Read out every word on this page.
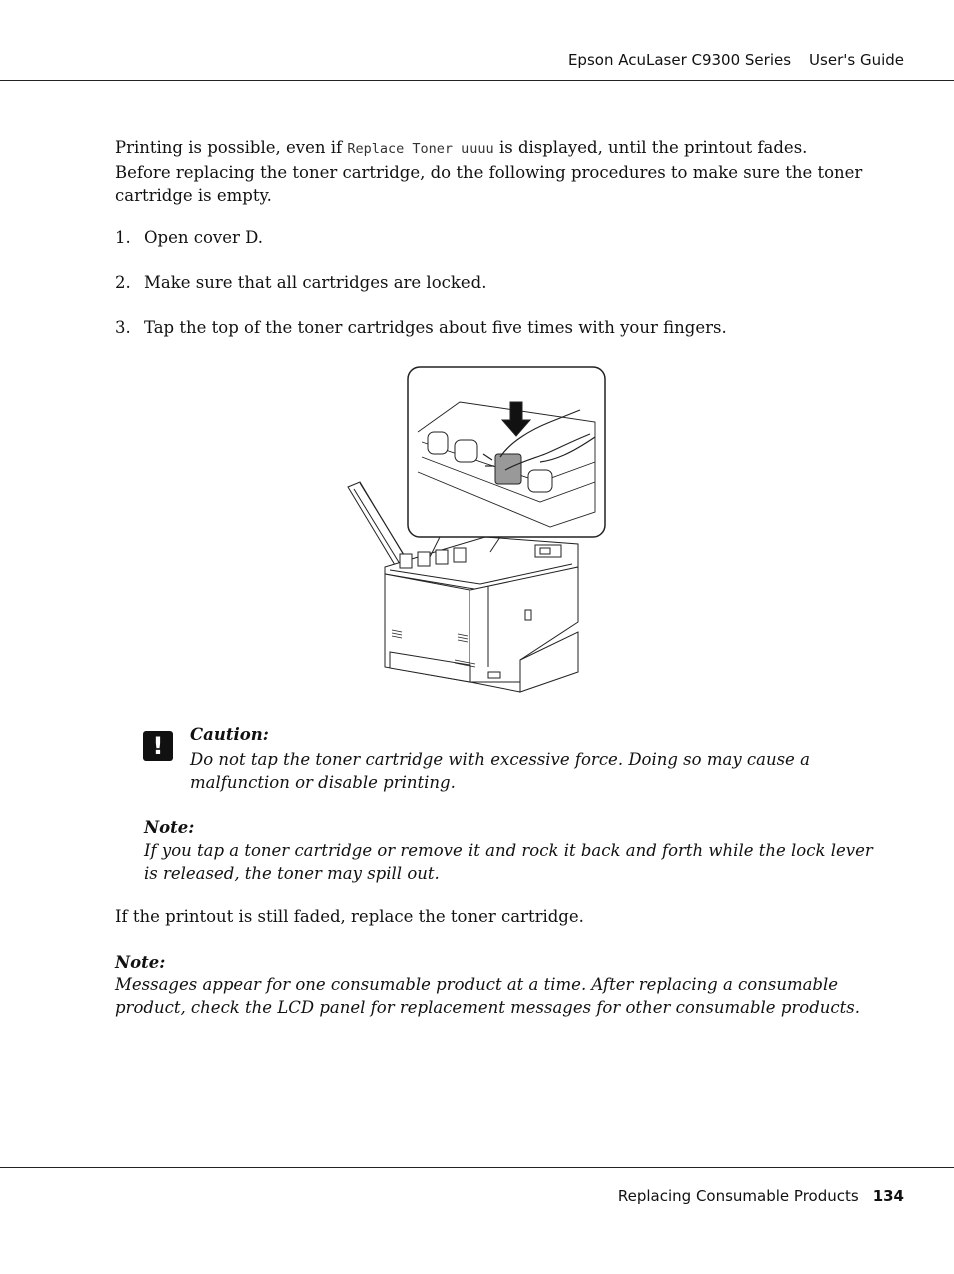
Epson AcuLaser C9300 Series User's Guide

Printing is possible, even if Replace Toner uuuu is displayed, until the printout fades.
Before replacing the toner cartridge, do the following procedures to make sure the toner cartridge is empty.

1. Open cover D.
2. Make sure that all cartridges are locked.
3. Tap the top of the toner cartridges about five times with your fingers.
!	Caution:
Do not tap the toner cartridge with excessive force. Doing so may cause a malfunction or disable printing.
Note:
If you tap a toner cartridge or remove it and rock it back and forth while the lock lever is released, the toner may spill out.
If the printout is still faded, replace the toner cartridge.
Note:
Messages appear for one consumable product at a time. After replacing a consumable product, check the LCD panel for replacement messages for other consumable products.
Replacing Consumable Products 134
